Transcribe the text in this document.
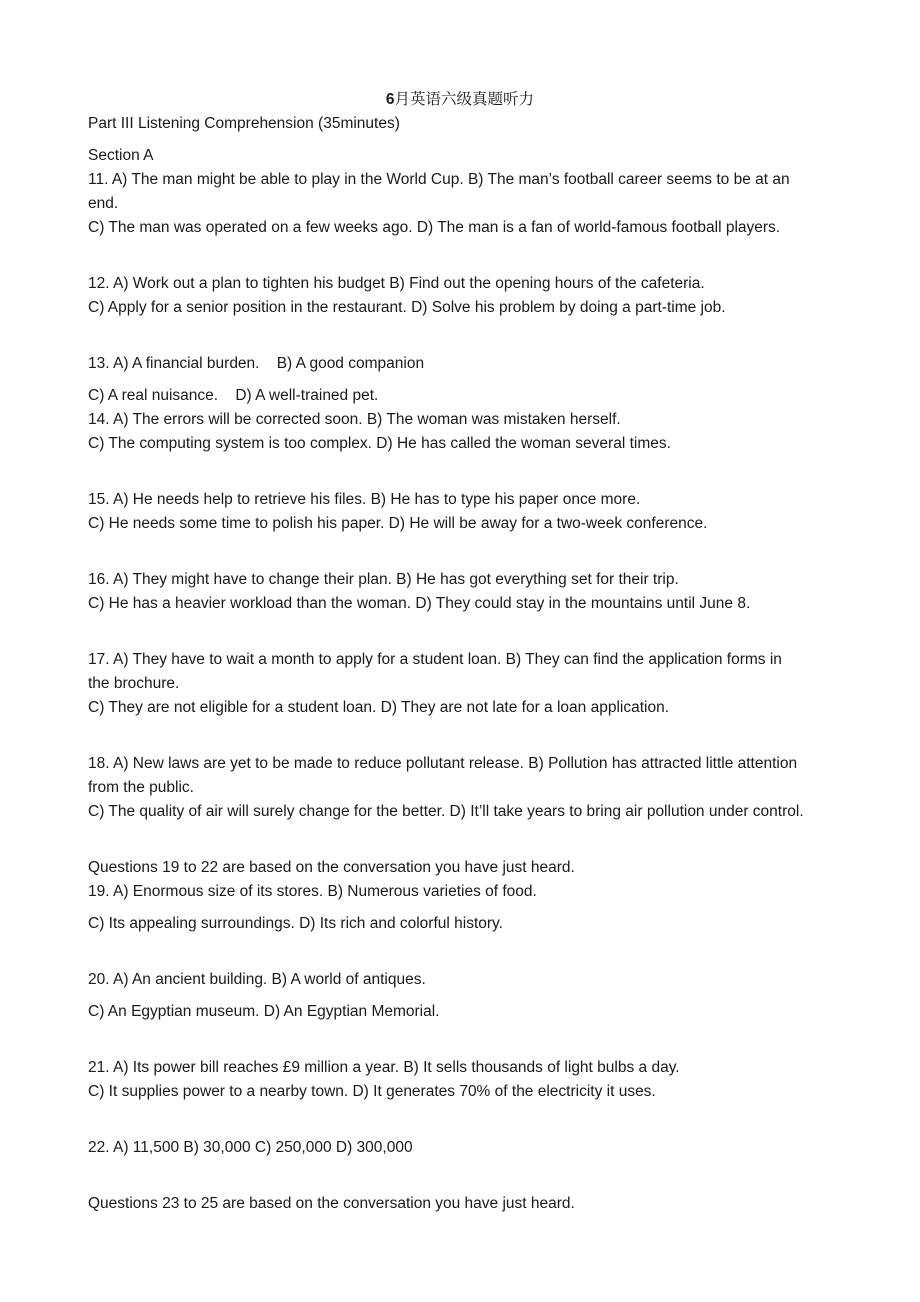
6月英语六级真题听力
Part III Listening Comprehension (35minutes)
Section A
11. A) The man might be able to play in the World Cup. B) The man’s football career seems to be at an
end.
C) The man was operated on a few weeks ago. D) The man is a fan of world-famous football players.
12. A) Work out a plan to tighten his budget B) Find out the opening hours of the cafeteria.
C) Apply for a senior position in the restaurant. D) Solve his problem by doing a part-time job.
13. A) A financial burden.    B) A good companion
C) A real nuisance.    D) A well-trained pet.
14. A) The errors will be corrected soon. B) The woman was mistaken herself.
C) The computing system is too complex. D) He has called the woman several times.
15. A) He needs help to retrieve his files. B) He has to type his paper once more.
C) He needs some time to polish his paper. D) He will be away for a two-week conference.
16. A) They might have to change their plan. B) He has got everything set for their trip.
C) He has a heavier workload than the woman. D) They could stay in the mountains until June 8.
17. A) They have to wait a month to apply for a student loan. B) They can find the application forms in
the brochure.
C) They are not eligible for a student loan. D) They are not late for a loan application.
18. A) New laws are yet to be made to reduce pollutant release. B) Pollution has attracted little attention
from the public.
C) The quality of air will surely change for the better. D) It’ll take years to bring air pollution under control.
Questions 19 to 22 are based on the conversation you have just heard.
19. A) Enormous size of its stores. B) Numerous varieties of food.
C) Its appealing surroundings. D) Its rich and colorful history.
20. A) An ancient building. B) A world of antiques.
C) An Egyptian museum. D) An Egyptian Memorial.
21. A) Its power bill reaches £9 million a year. B) It sells thousands of light bulbs a day.
C) It supplies power to a nearby town. D) It generates 70% of the electricity it uses.
22. A) 11,500 B) 30,000 C) 250,000 D) 300,000
Questions 23 to 25 are based on the conversation you have just heard.
